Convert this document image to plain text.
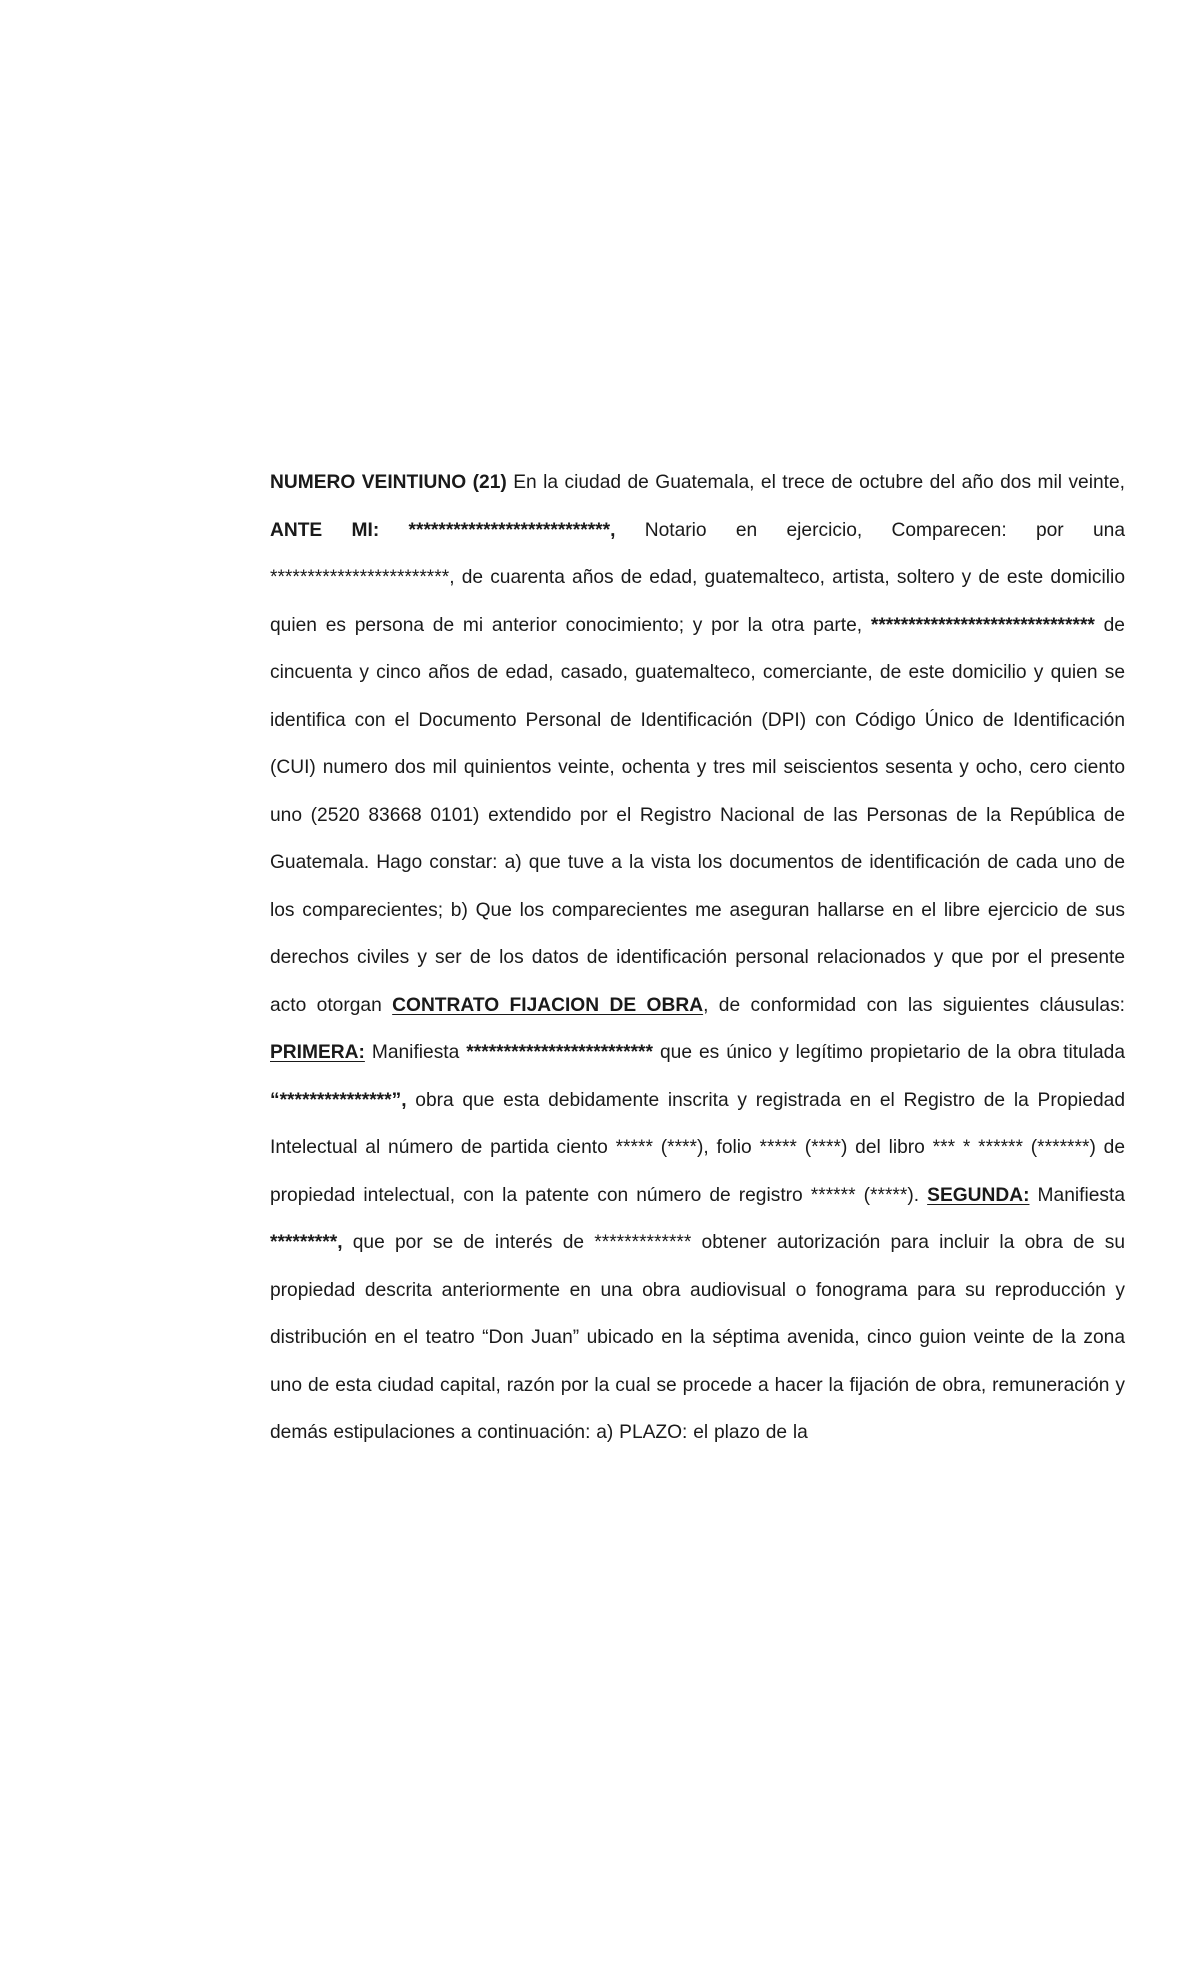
NUMERO VEINTIUNO (21) En la ciudad de Guatemala, el trece de octubre del año dos mil veinte, ANTE MI: ***************************, Notario en ejercicio, Comparecen: por una ************************, de cuarenta años de edad, guatemalteco, artista, soltero y de este domicilio quien es persona de mi anterior conocimiento; y por la otra parte, ****************************** de cincuenta y cinco años de edad, casado, guatemalteco, comerciante, de este domicilio y quien se identifica con el Documento Personal de Identificación (DPI) con Código Único de Identificación (CUI) numero dos mil quinientos veinte, ochenta y tres mil seiscientos sesenta y ocho, cero ciento uno (2520 83668 0101) extendido por el Registro Nacional de las Personas de la República de Guatemala. Hago constar: a) que tuve a la vista los documentos de identificación de cada uno de los comparecientes; b) Que los comparecientes me aseguran hallarse en el libre ejercicio de sus derechos civiles y ser de los datos de identificación personal relacionados y que por el presente acto otorgan CONTRATO FIJACION DE OBRA, de conformidad con las siguientes cláusulas: PRIMERA: Manifiesta ************************* que es único y legítimo propietario de la obra titulada “***************”, obra que esta debidamente inscrita y registrada en el Registro de la Propiedad Intelectual al número de partida ciento ***** (****), folio ***** (****) del libro *** * ****** (*******) de propiedad intelectual, con la patente con número de registro ****** (*****). SEGUNDA: Manifiesta *********, que por se de interés de ************* obtener autorización para incluir la obra de su propiedad descrita anteriormente en una obra audiovisual o fonograma para su reproducción y distribución en el teatro “Don Juan” ubicado en la séptima avenida, cinco guion veinte de la zona uno de esta ciudad capital, razón por la cual se procede a hacer la fijación de obra, remuneración y demás estipulaciones a continuación: a) PLAZO: el plazo de la
